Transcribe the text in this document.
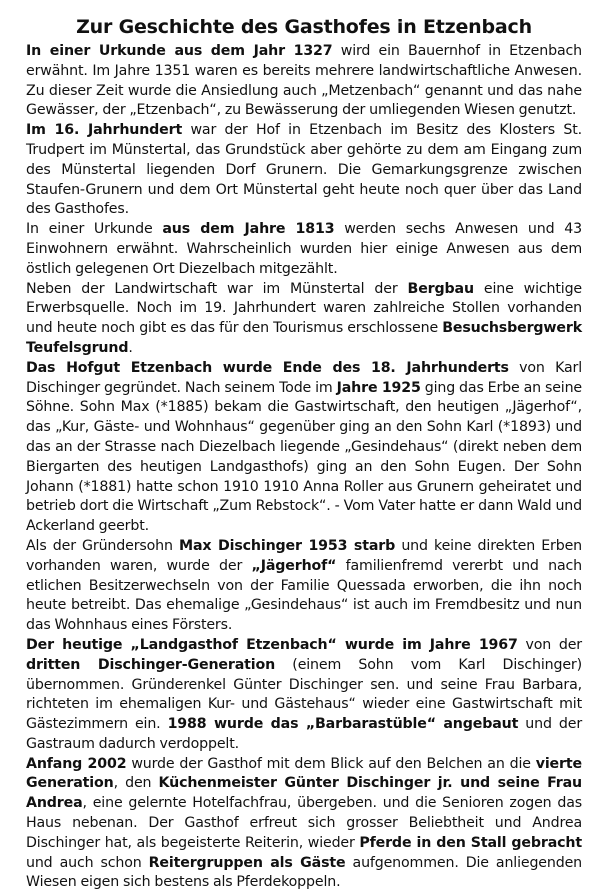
Zur Geschichte des Gasthofes in Etzenbach
In einer Urkunde aus dem Jahr 1327 wird ein Bauernhof in Etzenbach erwähnt. Im Jahre 1351 waren es bereits mehrere landwirtschaftliche Anwesen. Zu dieser Zeit wurde die Ansiedlung auch „Metzenbach“ genannt und das nahe Gewässer, der „Etzenbach“, zu Bewässerung der umliegenden Wiesen genutzt.
Im 16. Jahrhundert war der Hof in Etzenbach im Besitz des Klosters St. Trudpert im Münstertal, das Grundstück aber gehörte zu dem am Eingang zum des Münstertal liegenden Dorf Grunern. Die Gemarkungsgrenze zwischen Staufen-Grunern und dem Ort Münstertal geht heute noch quer über das Land des Gasthofes.
In einer Urkunde aus dem Jahre 1813 werden sechs Anwesen und 43 Einwohnern erwähnt. Wahrscheinlich wurden hier einige Anwesen aus dem östlich gelegenen Ort Diezelbach mitgezählt.
Neben der Landwirtschaft war im Münstertal der Bergbau eine wichtige Erwerbsquelle. Noch im 19. Jahrhundert waren zahlreiche Stollen vorhanden und heute noch gibt es das für den Tourismus erschlossene Besuchsbergwerk Teufelsgrund.
Das Hofgut Etzenbach wurde Ende des 18. Jahrhunderts von Karl Dischinger gegründet. Nach seinem Tode im Jahre 1925 ging das Erbe an seine Söhne. Sohn Max (*1885) bekam die Gastwirtschaft, den heutigen „Jägerhof“, das „Kur, Gäste- und Wohnhaus“ gegenüber ging an den Sohn Karl (*1893) und das an der Strasse nach Diezelbach liegende „Gesindehaus“ (direkt neben dem Biergarten des heutigen Landgasthofs) ging an den Sohn Eugen. Der Sohn Johann (*1881) hatte schon 1910 1910 Anna Roller aus Grunern geheiratet und betrieb dort die Wirtschaft „Zum Rebstock“. - Vom Vater hatte er dann Wald und Ackerland geerbt.
Als der Gründersohn Max Dischinger 1953 starb und keine direkten Erben vorhanden waren, wurde der „Jägerhof“ familienfremd vererbt und nach etlichen Besitzerwechseln von der Familie Quessada erworben, die ihn noch heute betreibt. Das ehemalige „Gesindehaus“ ist auch im Fremdbesitz und nun das Wohnhaus eines Försters.
Der heutige „Landgasthof Etzenbach“ wurde im Jahre 1967 von der dritten Dischinger-Generation (einem Sohn vom Karl Dischinger) übernommen. Gründerenkel Günter Dischinger sen. und seine Frau Barbara, richteten im ehemaligen Kur- und Gästehaus“ wieder eine Gastwirtschaft mit Gästezimmern ein. 1988 wurde das „Barbarastüble“ angebaut und der Gastraum dadurch verdoppelt.
Anfang 2002 wurde der Gasthof mit dem Blick auf den Belchen an die vierte Generation, den Küchenmeister Günter Dischinger jr. und seine Frau Andrea, eine gelernte Hotelfachfrau, übergeben. und die Senioren zogen das Haus nebenan. Der Gasthof erfreut sich grosser Beliebtheit und Andrea Dischinger hat, als begeisterte Reiterin, wieder Pferde in den Stall gebracht und auch schon Reitergruppen als Gäste aufgenommen. Die anliegenden Wiesen eigen sich bestens als Pferdekoppeln.
